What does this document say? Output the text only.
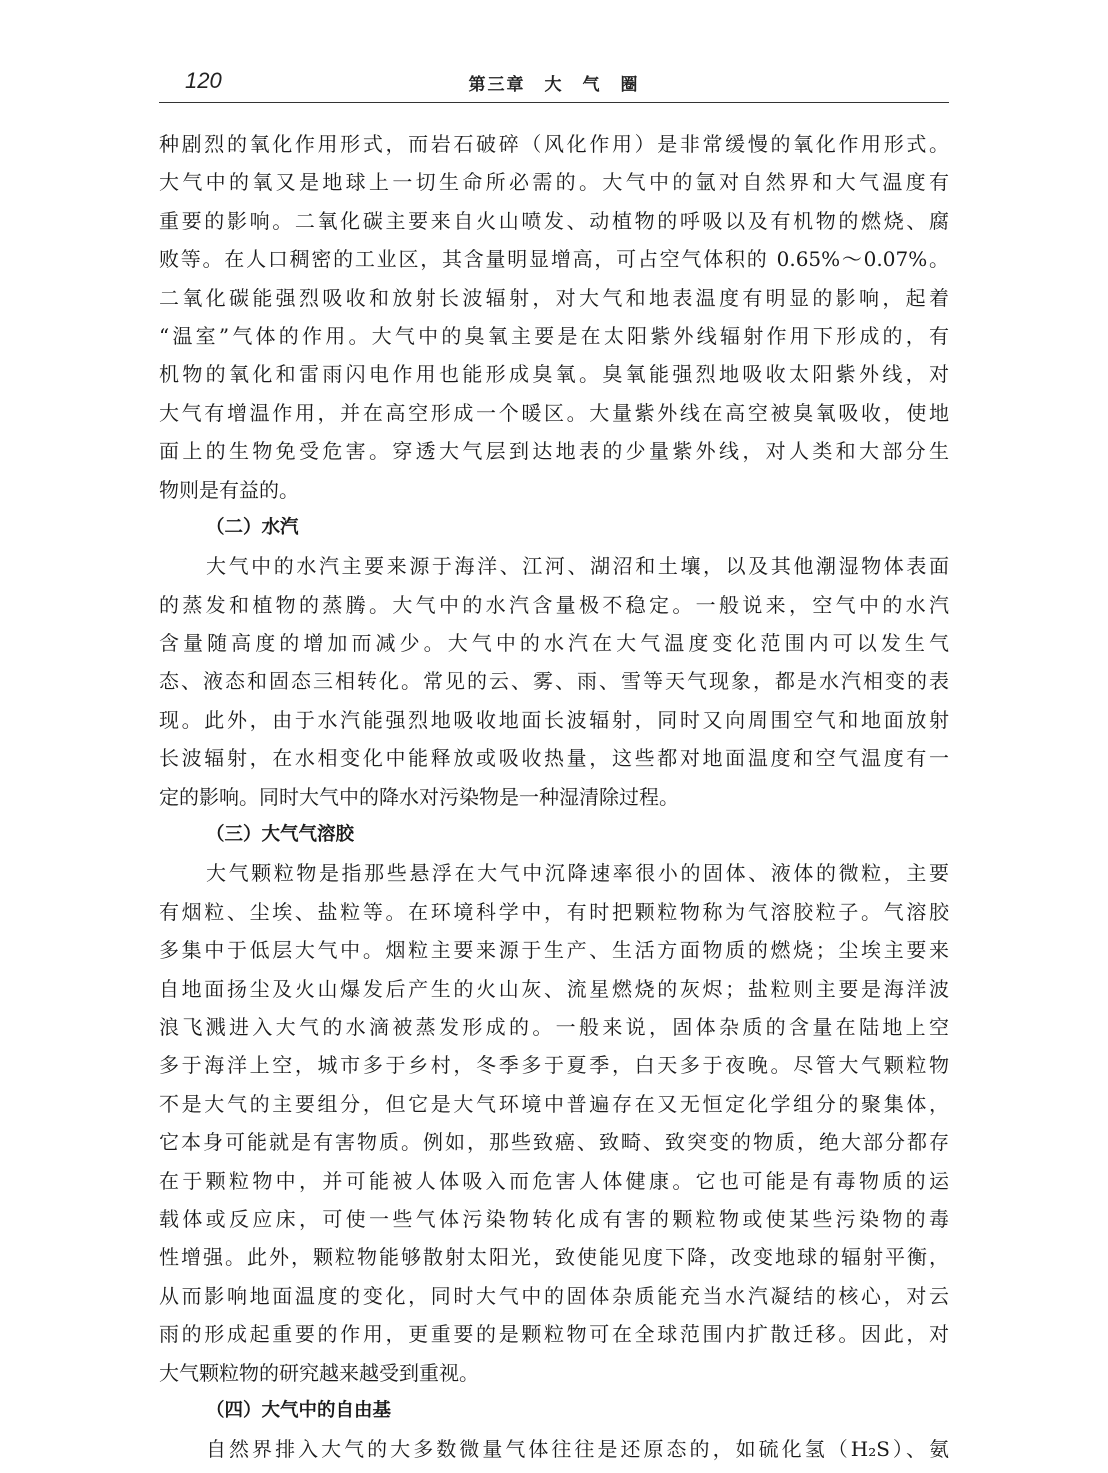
120	第三章　大　气　圈
种剧烈的氧化作用形式，而岩石破碎（风化作用）是非常缓慢的氧化作用形式。
大气中的氧又是地球上一切生命所必需的。大气中的氩对自然界和大气温度有
重要的影响。二氧化碳主要来自火山喷发、动植物的呼吸以及有机物的燃烧、腐
败等。在人口稠密的工业区，其含量明显增高，可占空气体积的 0.65%～0.07%。
二氧化碳能强烈吸收和放射长波辐射，对大气和地表温度有明显的影响，起着
“温室”气体的作用。大气中的臭氧主要是在太阳紫外线辐射作用下形成的，有
机物的氧化和雷雨闪电作用也能形成臭氧。臭氧能强烈地吸收太阳紫外线，对
大气有增温作用，并在高空形成一个暖区。大量紫外线在高空被臭氧吸收，使地
面上的生物免受危害。穿透大气层到达地表的少量紫外线，对人类和大部分生
物则是有益的。
（二）水汽
大气中的水汽主要来源于海洋、江河、湖沼和土壤，以及其他潮湿物体表面
的蒸发和植物的蒸腾。大气中的水汽含量极不稳定。一般说来，空气中的水汽
含量随高度的增加而减少。大气中的水汽在大气温度变化范围内可以发生气
态、液态和固态三相转化。常见的云、雾、雨、雪等天气现象，都是水汽相变的表
现。此外，由于水汽能强烈地吸收地面长波辐射，同时又向周围空气和地面放射
长波辐射，在水相变化中能释放或吸收热量，这些都对地面温度和空气温度有一
定的影响。同时大气中的降水对污染物是一种湿清除过程。
（三）大气气溶胶
大气颗粒物是指那些悬浮在大气中沉降速率很小的固体、液体的微粒，主要
有烟粒、尘埃、盐粒等。在环境科学中，有时把颗粒物称为气溶胶粒子。气溶胶
多集中于低层大气中。烟粒主要来源于生产、生活方面物质的燃烧；尘埃主要来
自地面扬尘及火山爆发后产生的火山灰、流星燃烧的灰烬；盐粒则主要是海洋波
浪飞溅进入大气的水滴被蒸发形成的。一般来说，固体杂质的含量在陆地上空
多于海洋上空，城市多于乡村，冬季多于夏季，白天多于夜晚。尽管大气颗粒物
不是大气的主要组分，但它是大气环境中普遍存在又无恒定化学组分的聚集体，
它本身可能就是有害物质。例如，那些致癌、致畸、致突变的物质，绝大部分都存
在于颗粒物中，并可能被人体吸入而危害人体健康。它也可能是有毒物质的运
载体或反应床，可使一些气体污染物转化成有害的颗粒物或使某些污染物的毒
性增强。此外，颗粒物能够散射太阳光，致使能见度下降，改变地球的辐射平衡，
从而影响地面温度的变化，同时大气中的固体杂质能充当水汽凝结的核心，对云
雨的形成起重要的作用，更重要的是颗粒物可在全球范围内扩散迁移。因此，对
大气颗粒物的研究越来越受到重视。
（四）大气中的自由基
自然界排入大气的大多数微量气体往往是还原态的，如硫化氢（H₂S）、氨
